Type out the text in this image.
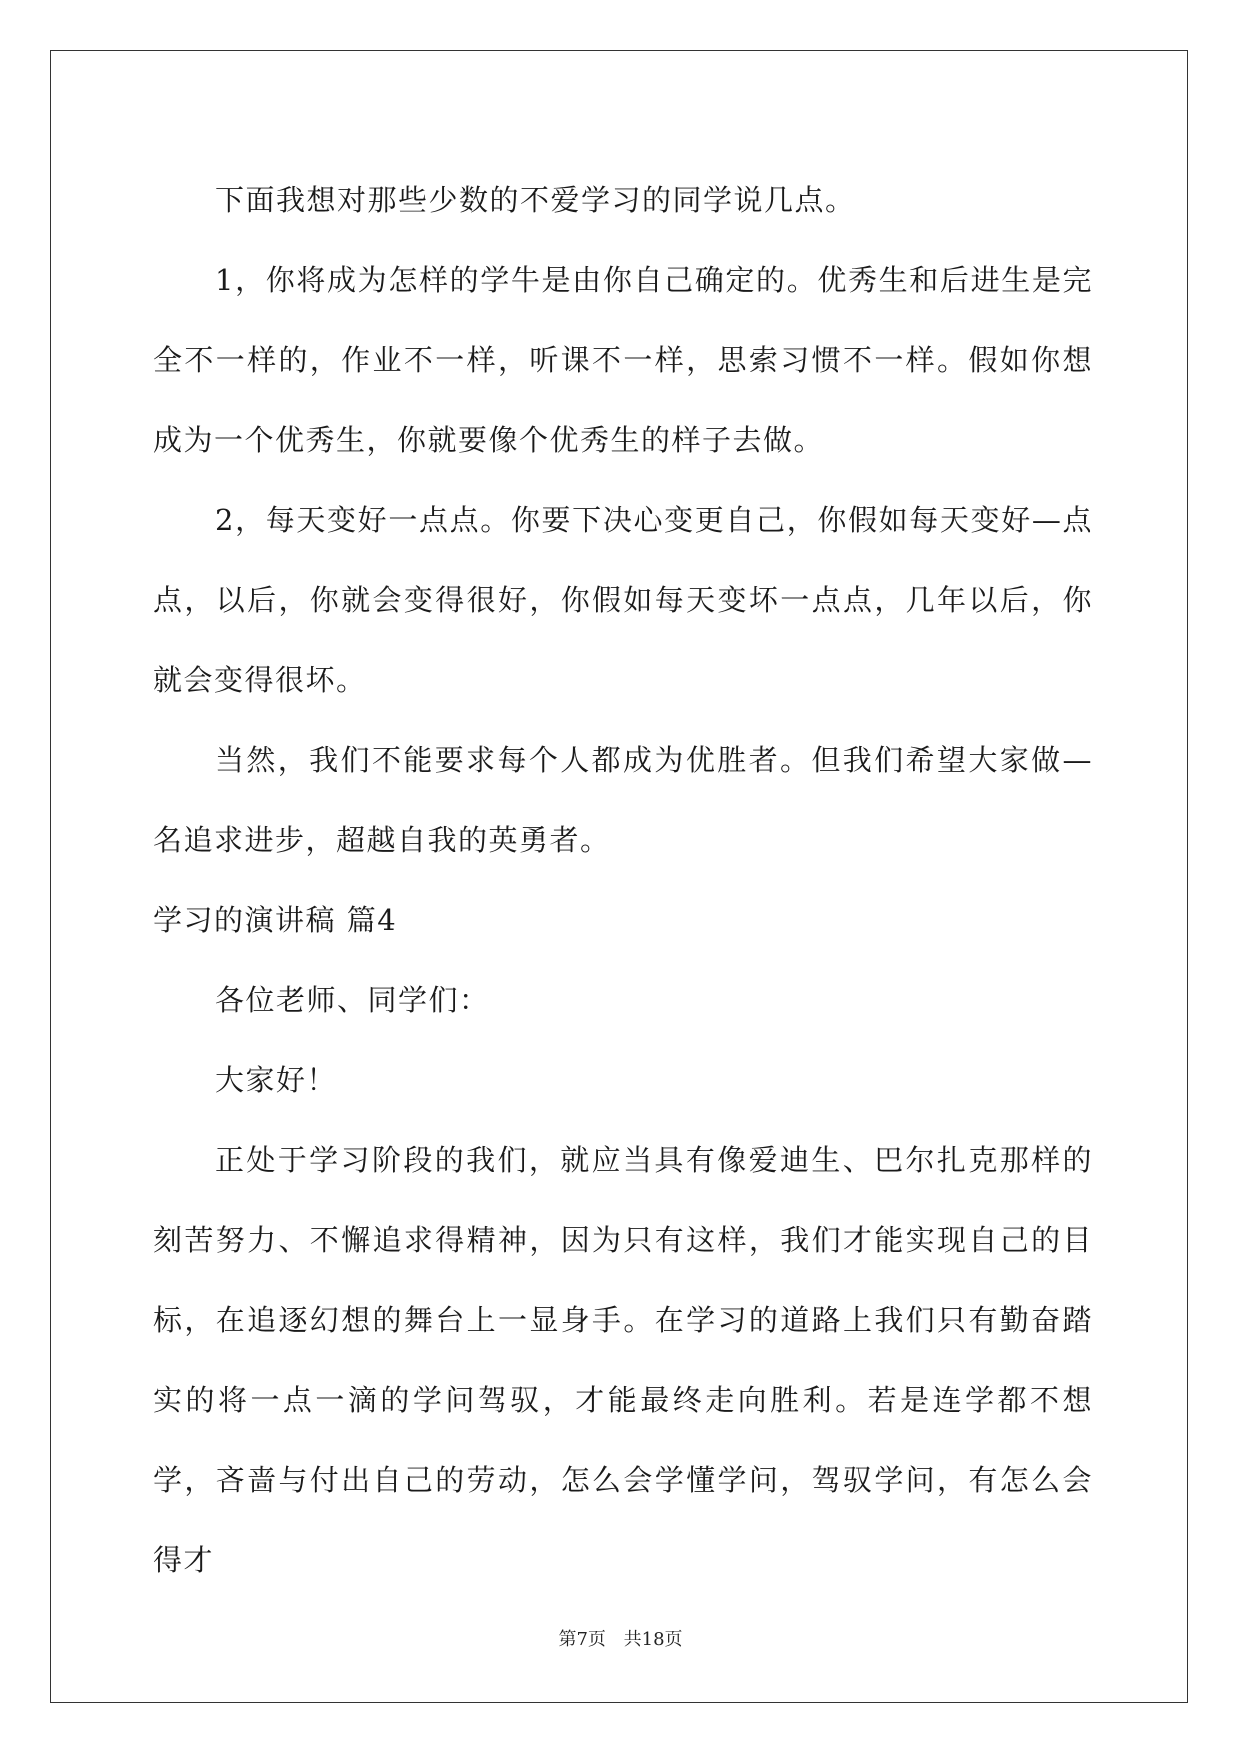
下面我想对那些少数的不爱学习的同学说几点。

1，你将成为怎样的学牛是由你自己确定的。优秀生和后进生是完全不一样的，作业不一样，听课不一样，思索习惯不一样。假如你想成为一个优秀生，你就要像个优秀生的样子去做。

2，每天变好一点点。你要下决心变更自己，你假如每天变好—点点，以后，你就会变得很好，你假如每天变坏一点点，几年以后，你就会变得很坏。

当然，我们不能要求每个人都成为优胜者。但我们希望大家做—名追求进步，超越自我的英勇者。

学习的演讲稿 篇4

各位老师、同学们：

大家好！

正处于学习阶段的我们，就应当具有像爱迪生、巴尔扎克那样的刻苦努力、不懈追求得精神，因为只有这样，我们才能实现自己的目标，在追逐幻想的舞台上一显身手。在学习的道路上我们只有勤奋踏实的将一点一滴的学问驾驭，才能最终走向胜利。若是连学都不想学，吝啬与付出自己的劳动，怎么会学懂学问，驾驭学问，有怎么会得才

第7页 共18页
